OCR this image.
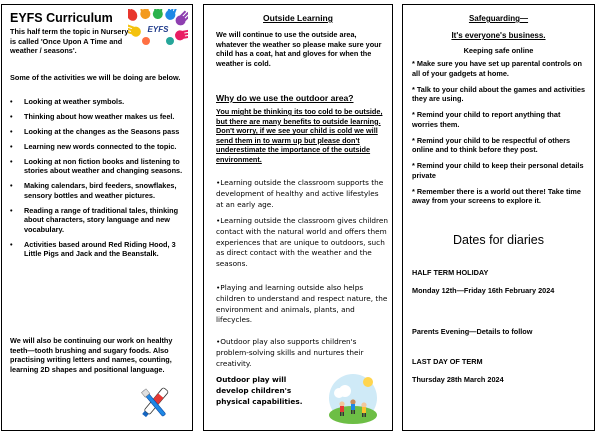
EYFS Curriculum
EYFS
This half term the topic in Nursery is called 'Once Upon A Time and weather / seasons'.
Some of the activities we will be doing are below.
• Looking at weather symbols.
• Thinking about how weather makes us feel.
• Looking at the changes as the Seasons pass
• Learning new words connected to the topic.
• Looking at non fiction books and listening to stories about weather and changing seasons.
• Making calendars, bird feeders, snowflakes, sensory bottles and weather pictures.
• Reading a range of traditional tales, thinking about characters, story language and new vocabulary.
• Activities based around Red Riding Hood, 3 Little Pigs and Jack and the Beanstalk.
We will also be continuing our work on healthy teeth—tooth brushing and sugary foods. Also practising writing letters and names, counting, learning 2D shapes and positional language.
Outside Learning
We will continue to use the outside area, whatever the weather so please make sure your child has a coat, hat and gloves for when the weather is cold.
Why do we use the outdoor area?
You might be thinking its too cold to be outside, but there are many benefits to outside learning. Don't worry, if we see your child is cold we will send them in to warm up but please don't underestimate the importance of the outside environment.
•Learning outside the classroom supports the development of healthy and active lifestyles at an early age.
•Learning outside the classroom gives children contact with the natural world and offers them experiences that are unique to outdoors, such as direct contact with the weather and the seasons.
•Playing and learning outside also helps children to understand and respect nature, the environment and animals, plants, and lifecycles.
•Outdoor play also supports children's problem-solving skills and nurtures their creativity.
Outdoor play will develop children's physical capabilities.
Safeguarding—
It's everyone's business.
Keeping safe online
* Make sure you have set up parental controls on all of your gadgets at home.
* Talk to your child about the games and activities they are using.
* Remind your child to report anything that worries them.
* Remind your child to be respectful of others online and to think before they post.
* Remind your child to keep their personal details private
* Remember there is a world out there! Take time away from your screens to explore it.
Dates for diaries
HALF TERM HOLIDAY
Monday 12th—Friday 16th February 2024
Parents Evening—Details to follow
LAST DAY OF TERM
Thursday 28th March 2024
